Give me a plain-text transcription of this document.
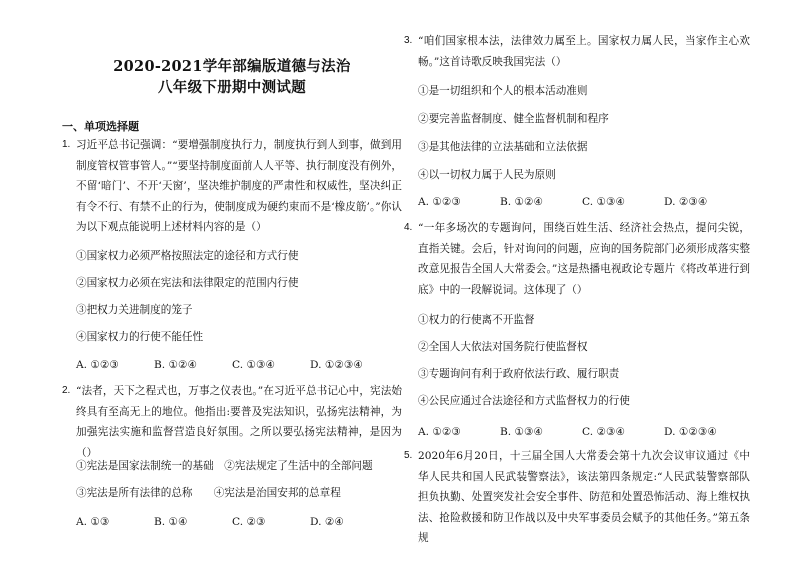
2020-2021学年部编版道德与法治
八年级下册期中测试题
一、单项选择题
1. 习近平总书记强调：“要增强制度执行力，制度执行到人到事，做到用制度管权管事管人。”“要坚持制度面前人人平等、执行制度没有例外，不留‘暗门’、不开‘天窗’，坚决维护制度的严肃性和权威性，坚决纠正有令不行、有禁不止的行为，使制度成为硬约束而不是‘橡皮筋’。”你认为以下观点能说明上述材料内容的是（）
①国家权力必须严格按照法定的途径和方式行使
②国家权力必须在宪法和法律限定的范围内行使
③把权力关进制度的笼子
④国家权力的行使不能任性
A. ①②③	B. ①②④	C. ①③④	D. ①②③④
2. “法者，天下之程式也，万事之仪表也。”在习近平总书记心中，宪法始终具有至高无上的地位。他指出:要普及宪法知识，弘扬宪法精神，为加强宪法实施和监督营造良好氛围。之所以要弘扬宪法精神，是因为（）
①宪法是国家法制统一的基础　②宪法规定了生活中的全部问题
③宪法是所有法律的总称　　④宪法是治国安邦的总章程
A. ①③	B. ①④	C. ②③	D. ②④
3. “咱们国家根本法，法律效力属至上。国家权力属人民，当家作主心欢畅。”这首诗歌反映我国宪法（）
①是一切组织和个人的根本活动准则
②要完善监督制度、健全监督机制和程序
③是其他法律的立法基础和立法依据
④以一切权力属于人民为原则
A. ①②③	B. ①②④	C. ①③④	D. ②③④
4. “一年多场次的专题询问，围绕百姓生活、经济社会热点，提问尖锐，直指关键。会后，针对询问的问题，应询的国务院部门必须形成落实整改意见报告全国人大常委会。”这是热播电视政论专题片《将改革进行到底》中的一段解说词。这体现了（）
①权力的行使离不开监督
②全国人大依法对国务院行使监督权
③专题询问有利于政府依法行政、履行职责
④公民应通过合法途径和方式监督权力的行使
A. ①②③	B. ①③④	C. ②③④	D. ①②③④
5. 2020年6月20日，十三届全国人大常委会第十九次会议审议通过《中华人民共和国人民武装警察法》，该法第四条规定:“人民武装警察部队担负执勤、处置突发社会安全事件、防范和处置恐怖活动、海上维权执法、抢险救援和防卫作战以及中央军事委员会赋予的其他任务。”第五条规
